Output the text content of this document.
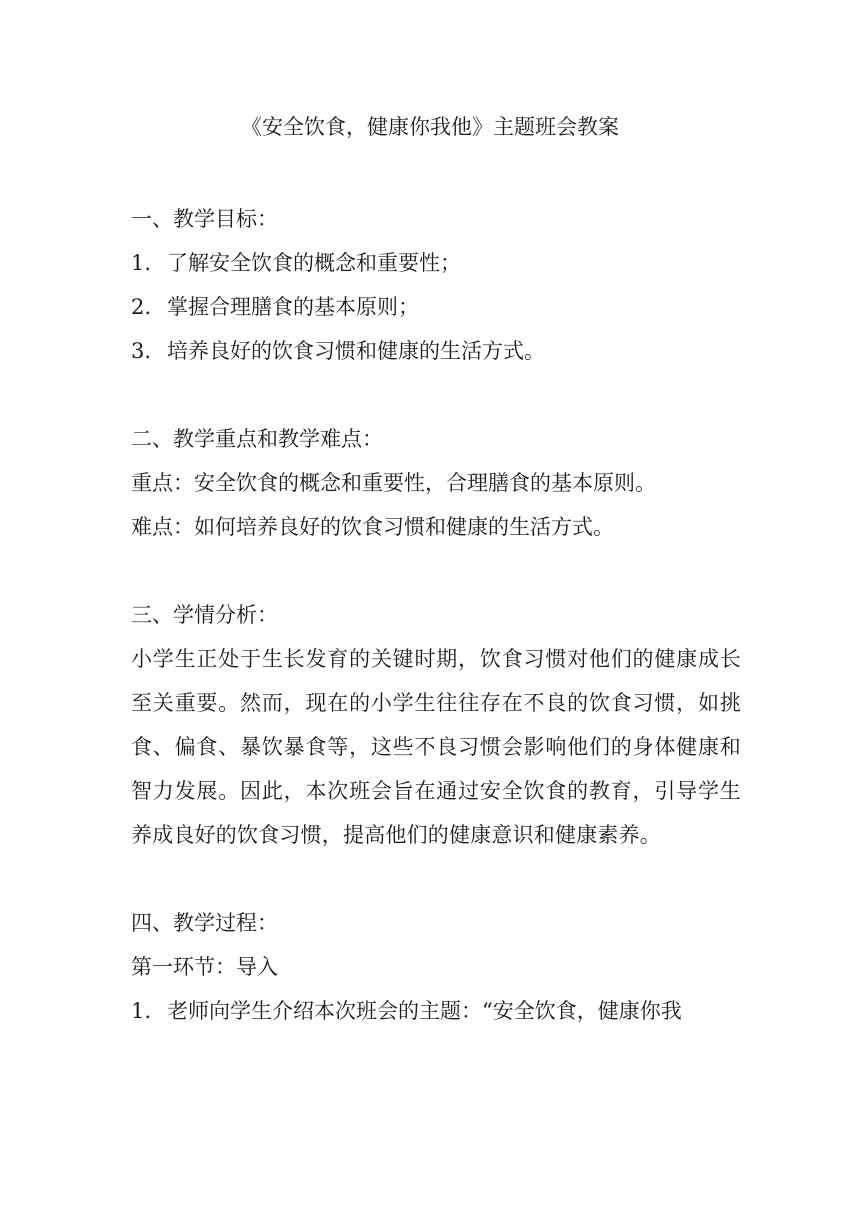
《安全饮食，健康你我他》主题班会教案
一、教学目标：
1. 了解安全饮食的概念和重要性；
2. 掌握合理膳食的基本原则；
3. 培养良好的饮食习惯和健康的生活方式。
二、教学重点和教学难点：
重点：安全饮食的概念和重要性，合理膳食的基本原则。
难点：如何培养良好的饮食习惯和健康的生活方式。
三、学情分析：
小学生正处于生长发育的关键时期，饮食习惯对他们的健康成长至关重要。然而，现在的小学生往往存在不良的饮食习惯，如挑食、偏食、暴饮暴食等，这些不良习惯会影响他们的身体健康和智力发展。因此，本次班会旨在通过安全饮食的教育，引导学生养成良好的饮食习惯，提高他们的健康意识和健康素养。
四、教学过程：
第一环节：导入
1. 老师向学生介绍本次班会的主题：“安全饮食，健康你我
